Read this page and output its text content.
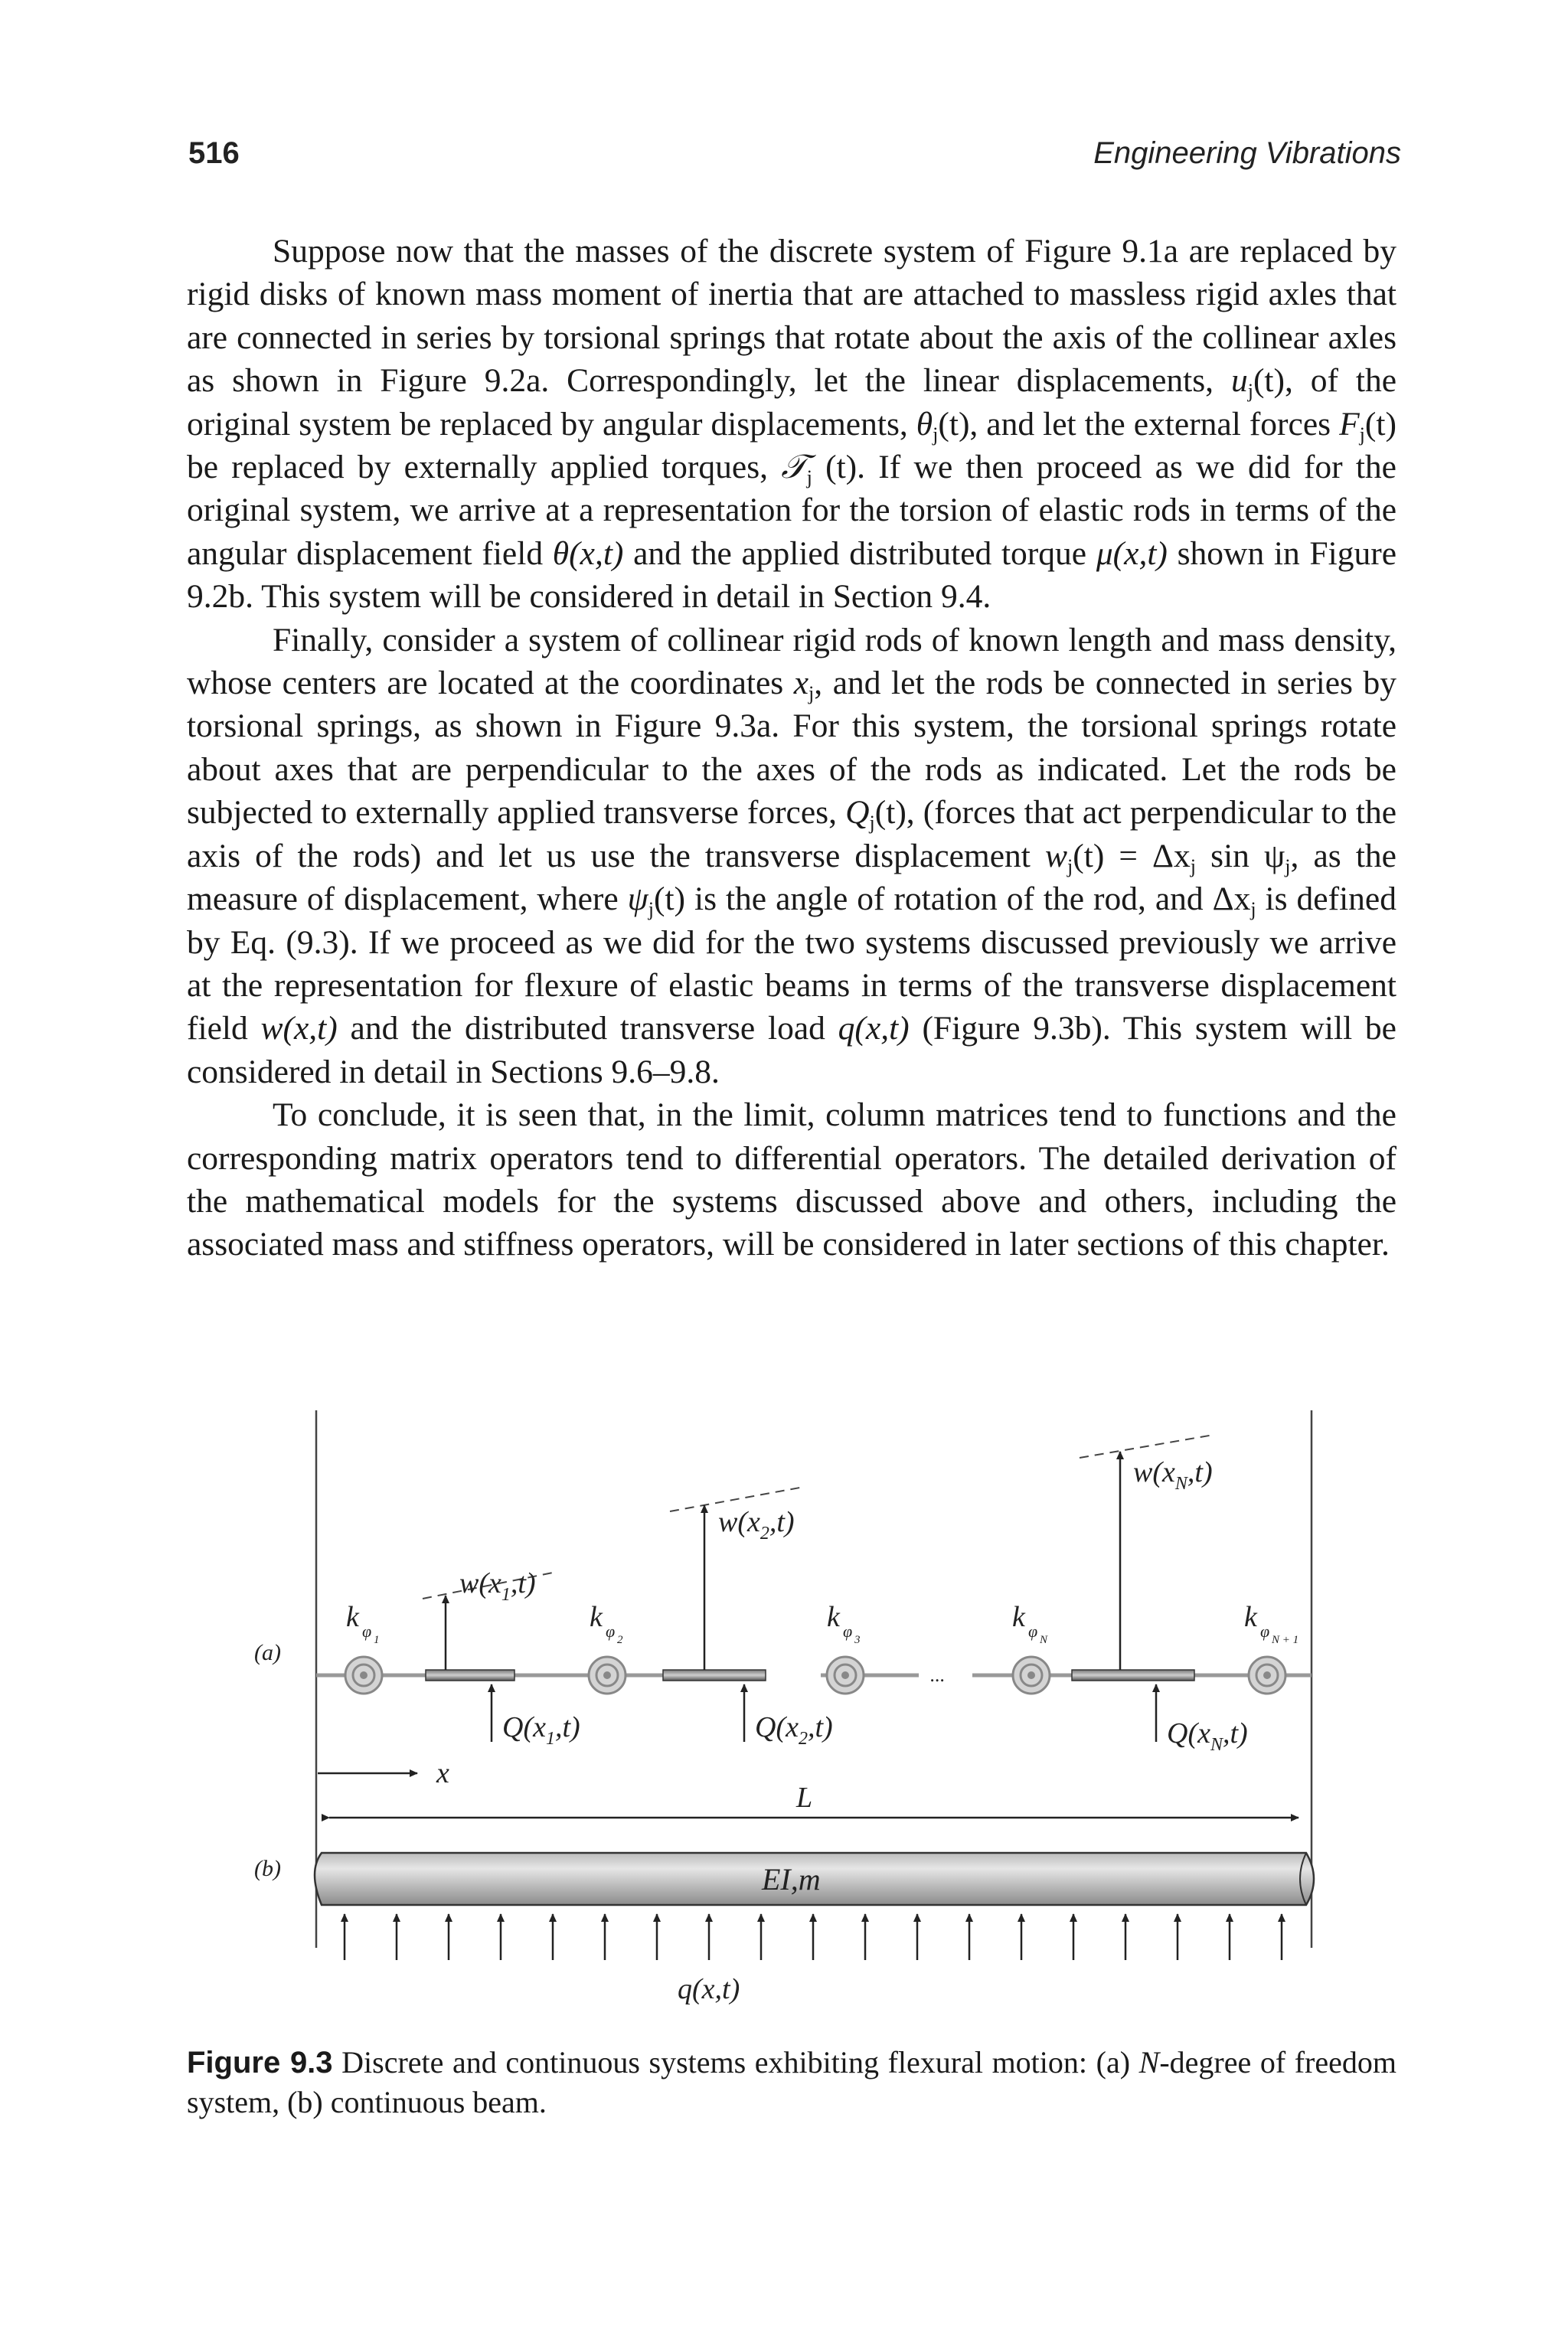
516	Engineering Vibrations

Suppose now that the masses of the discrete system of Figure 9.1a are replaced by rigid disks of known mass moment of inertia that are attached to massless rigid axles that are connected in series by torsional springs that rotate about the axis of the collinear axles as shown in Figure 9.2a. Correspondingly, let the linear displacements, $u_j(t)$, of the original system be replaced by angular displacements, $\theta_j(t)$, and let the external forces $F_j(t)$ be replaced by externally applied torques, 𝒯$_j$ (t). If we then proceed as we did for the original system, we arrive at a representation for the torsion of elastic rods in terms of the angular displacement field θ(x,t) and the applied distributed torque μ(x,t) shown in Figure 9.2b. This system will be considered in detail in Section 9.4.

Finally, consider a system of collinear rigid rods of known length and mass density, whose centers are located at the coordinates $x_j$, and let the rods be connected in series by torsional springs, as shown in Figure 9.3a. For this system, the torsional springs rotate about axes that are perpendicular to the axes of the rods as indicated. Let the rods be subjected to externally applied transverse forces, $Q_j(t)$, (forces that act perpendicular to the axis of the rods) and let us use the transverse displacement $w_j(t) = \Delta x_j$ $\sin \psi_j$, as the measure of displacement, where $\psi_j(t)$ is the angle of rotation of the rod, and $\Delta x_j$ is defined by Eq. (9.3). If we proceed as we did for the two systems discussed previously we arrive at the representation for flexure of elastic beams in terms of the transverse displacement field w(x,t) and the distributed transverse load q(x,t) (Figure 9.3b). This system will be considered in detail in Sections 9.6–9.8.

To conclude, it is seen that, in the limit, column matrices tend to functions and the corresponding matrix operators tend to differential operators. The detailed derivation of the mathematical models for the systems discussed above and others, including the associated mass and stiffness operators, will be considered in later sections of this chapter.

(a)
(b)
...
k φ 1
k φ 2
k φ 3
k φ N
k φ N + 1
$w(x_1,t)$
$w(x_2,t)$
$w(x_N,t)$
$Q(x_1,t)$	$Q(x_2,t)$	$Q(x_N,t)$
x
L
EI,m
q(x,t)
Figure 9.3 Discrete and continuous systems exhibiting flexural motion: (a) N-degree of freedom system, (b) continuous beam.
